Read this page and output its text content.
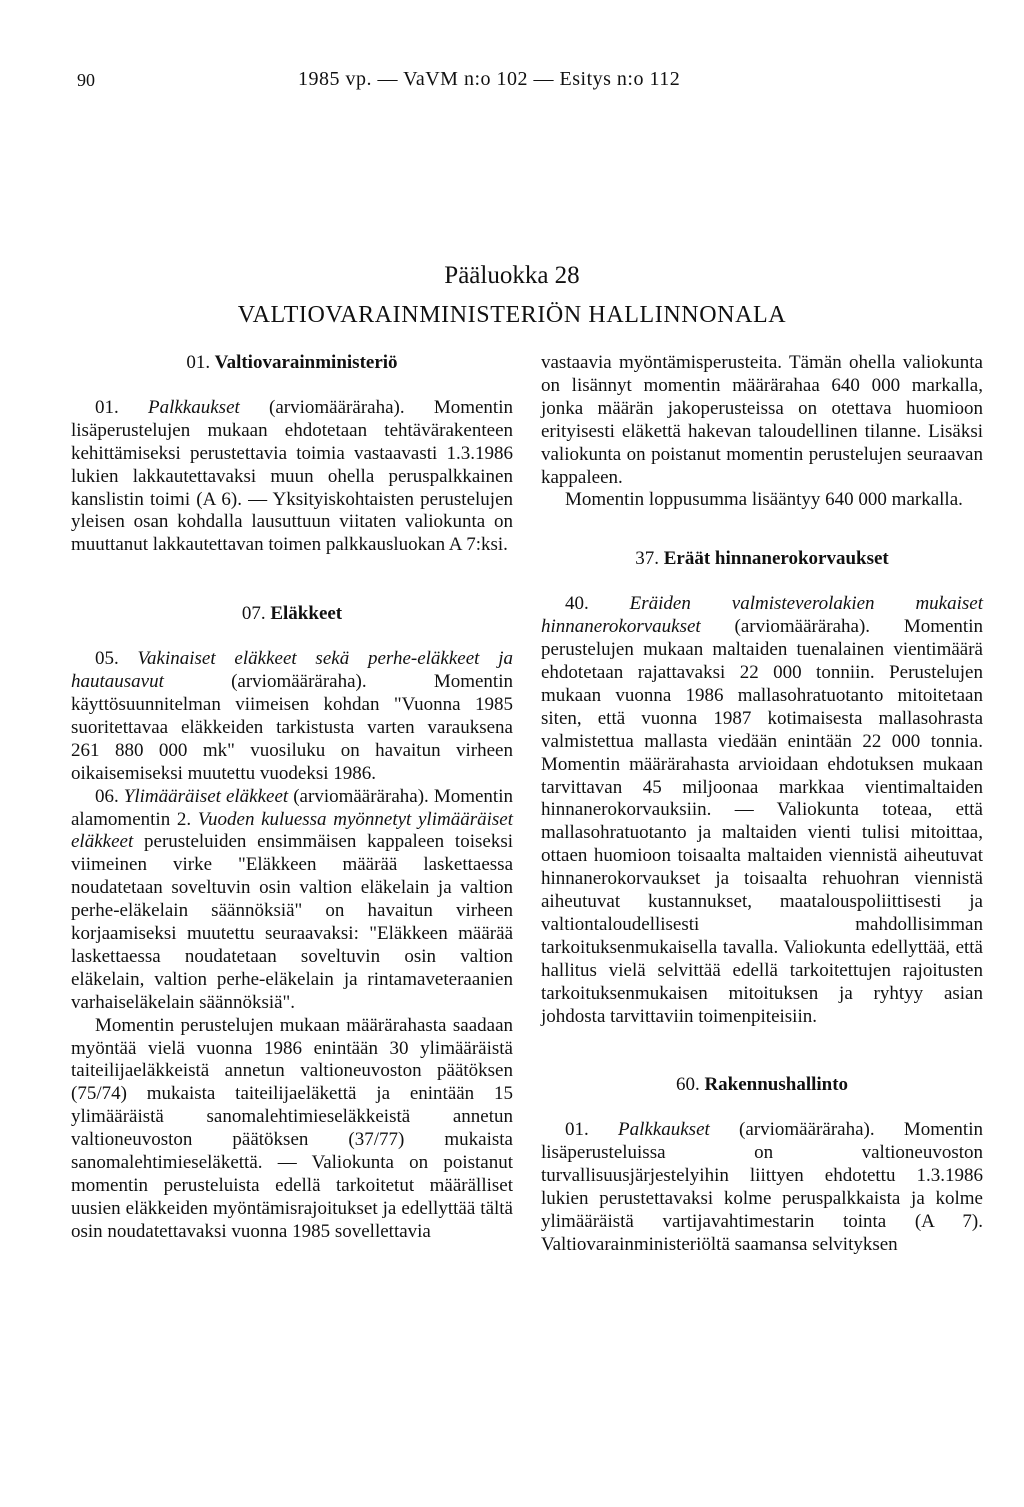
90	1985 vp. — VaVM n:o 102 — Esitys n:o 112
Pääluokka 28
VALTIOVARAINMINISTERIÖN HALLINNONALA
01. Valtiovarainministeriö

01. Palkkaukset (arviomääräraha). Momentin lisäperustelujen mukaan ehdotetaan tehtävärakenteen kehittämiseksi perustettavia toimia vastaavasti 1.3.1986 lukien lakkautettavaksi muun ohella peruspalkkainen kanslistin toimi (A 6). — Yksityiskohtaisten perustelujen yleisen osan kohdalla lausuttuun viitaten valiokunta on muuttanut lakkautettavan toimen palkkausluokan A 7:ksi.

07. Eläkkeet

05. Vakinaiset eläkkeet sekä perhe-eläkkeet ja hautausavut (arviomääräraha). Momentin käyttösuunnitelman viimeisen kohdan "Vuonna 1985 suoritettavaa eläkkeiden tarkistusta varten varauksena 261 880 000 mk" vuosiluku on havaitun virheen oikaisemiseksi muutettu vuodeksi 1986.

06. Ylimääräiset eläkkeet (arviomääräraha). Momentin alamomentin 2. Vuoden kuluessa myönnetyt ylimääräiset eläkkeet perusteluiden ensimmäisen kappaleen toiseksi viimeinen virke "Eläkkeen määrää laskettaessa noudatetaan soveltuvin osin valtion eläkelain ja valtion perhe-eläkelain säännöksiä" on havaitun virheen korjaamiseksi muutettu seuraavaksi: "Eläkkeen määrää laskettaessa noudatetaan soveltuvin osin valtion eläkelain, valtion perhe-eläkelain ja rintamaveteraanien varhaiseläkelain säännöksiä".

Momentin perustelujen mukaan määrärahasta saadaan myöntää vielä vuonna 1986 enintään 30 ylimääräistä taiteilijaeläkkeistä annetun valtioneuvoston päätöksen (75/74) mukaista taiteilijaeläkettä ja enintään 15 ylimääräistä sanomalehtimieseläkkeistä annetun valtioneuvoston päätöksen (37/77) mukaista sanomalehtimieseläkettä. — Valiokunta on poistanut momentin perusteluista edellä tarkoitetut määrälliset uusien eläkkeiden myöntämisrajoitukset ja edellyttää tältä osin noudatettavaksi vuonna 1985 sovellettavia

vastaavia myöntämisperusteita. Tämän ohella valiokunta on lisännyt momentin määrärahaa 640 000 markalla, jonka määrän jakoperusteissa on otettava huomioon erityisesti eläkettä hakevan taloudellinen tilanne. Lisäksi valiokunta on poistanut momentin perustelujen seuraavan kappaleen.

Momentin loppusumma lisääntyy 640 000 markalla.

37. Eräät hinnanerokorvaukset

40. Eräiden valmisteverolakien mukaiset hinnanerokorvaukset (arviomääräraha). Momentin perustelujen mukaan maltaiden tuenalainen vientimäärä ehdotetaan rajattavaksi 22 000 tonniin. Perustelujen mukaan vuonna 1986 mallasohratuotanto mitoitetaan siten, että vuonna 1987 kotimaisesta mallasohrasta valmistettua mallasta viedään enintään 22 000 tonnia. Momentin määrärahasta arvioidaan ehdotuksen mukaan tarvittavan 45 miljoonaa markkaa vientimaltaiden hinnanerokorvauksiin. — Valiokunta toteaa, että mallasohratuotanto ja maltaiden vienti tulisi mitoittaa, ottaen huomioon toisaalta maltaiden viennistä aiheutuvat hinnanerokorvaukset ja toisaalta rehuohran viennistä aiheutuvat kustannukset, maatalouspoliittisesti ja valtiontaloudellisesti mahdollisimman tarkoituksenmukaisella tavalla. Valiokunta edellyttää, että hallitus vielä selvittää edellä tarkoitettujen rajoitusten tarkoituksenmukaisen mitoituksen ja ryhtyy asian johdosta tarvittaviin toimenpiteisiin.

60. Rakennushallinto

01. Palkkaukset (arviomääräraha). Momentin lisäperusteluissa on valtioneuvoston turvallisuusjärjestelyihin liittyen ehdotettu 1.3.1986 lukien perustettavaksi kolme peruspalkkaista ja kolme ylimääräistä vartijavahtimestarin tointa (A 7). Valtiovarainministeriöltä saamansa selvityksen
